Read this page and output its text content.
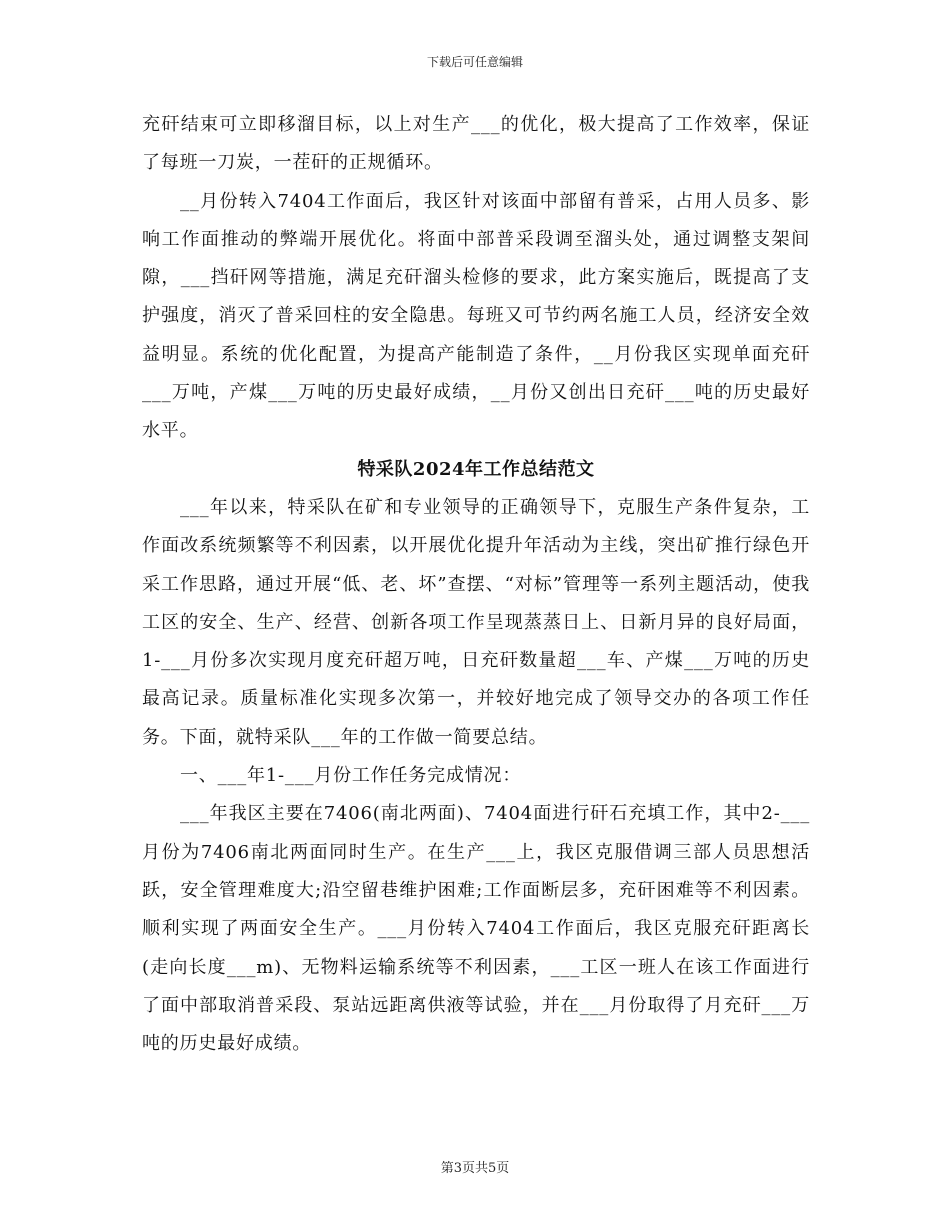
下载后可任意编辑

充矸结束可立即移溜目标，以上对生产___的优化，极大提高了工作效率，保证了每班一刀炭，一茬矸的正规循环。

__月份转入7404工作面后，我区针对该面中部留有普采，占用人员多、影响工作面推动的弊端开展优化。将面中部普采段调至溜头处，通过调整支架间隙，___挡矸网等措施，满足充矸溜头检修的要求，此方案实施后，既提高了支护强度，消灭了普采回柱的安全隐患。每班又可节约两名施工人员，经济安全效益明显。系统的优化配置，为提高产能制造了条件，__月份我区实现单面充矸___万吨，产煤___万吨的历史最好成绩，__月份又创出日充矸___吨的历史最好水平。

特采队2024年工作总结范文

___年以来，特采队在矿和专业领导的正确领导下，克服生产条件复杂，工作面改系统频繁等不利因素，以开展优化提升年活动为主线，突出矿推行绿色开采工作思路，通过开展“低、老、坏”查摆、“对标”管理等一系列主题活动，使我工区的安全、生产、经营、创新各项工作呈现蒸蒸日上、日新月异的良好局面，1-___月份多次实现月度充矸超万吨，日充矸数量超___车、产煤___万吨的历史最高记录。质量标准化实现多次第一，并较好地完成了领导交办的各项工作任务。下面，就特采队___年的工作做一简要总结。

一、___年1-___月份工作任务完成情况：

___年我区主要在7406(南北两面)、7404面进行矸石充填工作，其中2-___月份为7406南北两面同时生产。在生产___上，我区克服借调三部人员思想活跃，安全管理难度大;沿空留巷维护困难;工作面断层多，充矸困难等不利因素。顺利实现了两面安全生产。___月份转入7404工作面后，我区克服充矸距离长(走向长度___m)、无物料运输系统等不利因素，___工区一班人在该工作面进行了面中部取消普采段、泵站远距离供液等试验，并在___月份取得了月充矸___万吨的历史最好成绩。

第3页共5页
